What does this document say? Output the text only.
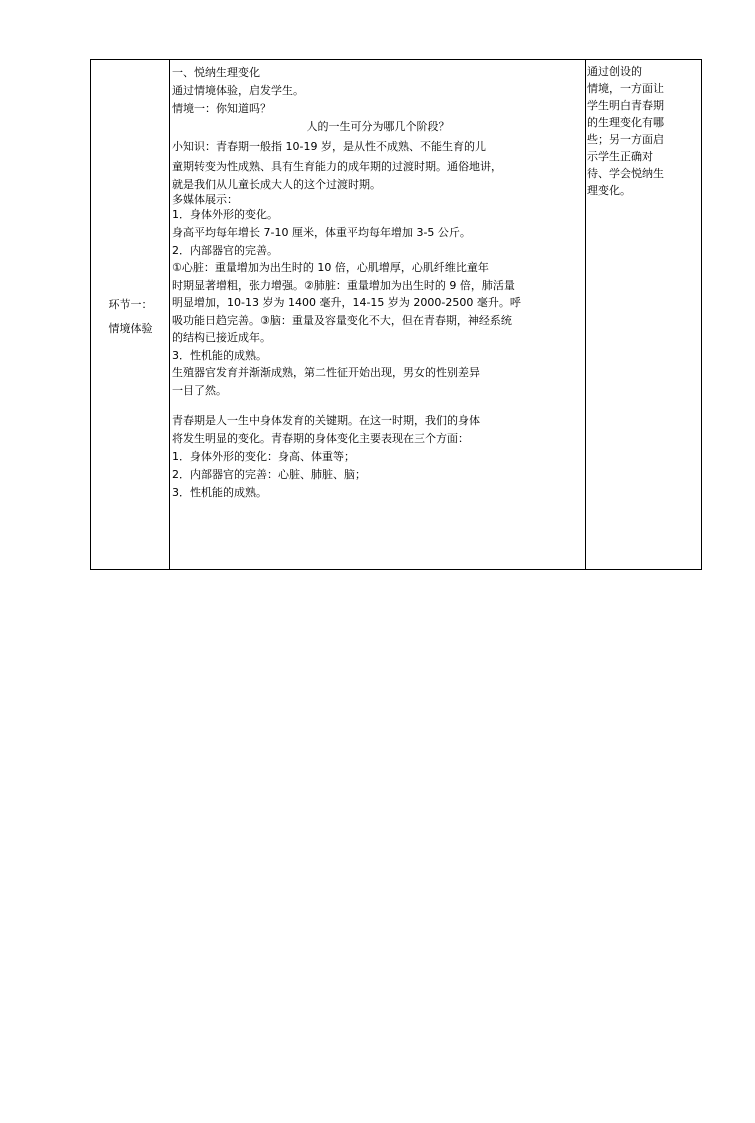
环节一：
情境体验
一、悦纳生理变化
通过情境体验，启发学生。
情境一：你知道吗？
人的一生可分为哪几个阶段？
小知识：青春期一般指 10-19 岁，是从性不成熟、不能生育的儿
童期转变为性成熟、具有生育能力的成年期的过渡时期。通俗地讲，
就是我们从儿童长成大人的这个过渡时期。
多媒体展示：
1．身体外形的变化。
身高平均每年增长 7-10 厘米，体重平均每年增加 3-5 公斤。
2．内部器官的完善。
①心脏：重量增加为出生时的 10 倍，心肌增厚，心肌纤维比童年
时期显著增粗，张力增强。②肺脏：重量增加为出生时的 9 倍，肺活量
明显增加，10-13 岁为 1400 毫升，14-15 岁为 2000-2500 毫升。呼
吸功能日趋完善。③脑：重量及容量变化不大，但在青春期，神经系统
的结构已接近成年。
3．性机能的成熟。
生殖器官发育并渐渐成熟，第二性征开始出现，男女的性别差异
一目了然。
青春期是人一生中身体发育的关键期。在这一时期，我们的身体
将发生明显的变化。青春期的身体变化主要表现在三个方面：
1．身体外形的变化：身高、体重等；
2．内部器官的完善：心脏、肺脏、脑；
3．性机能的成熟。
通过创设的
情境，一方面让
学生明白青春期
的生理变化有哪
些；另一方面启
示学生正确对
待、学会悦纳生
理变化。
